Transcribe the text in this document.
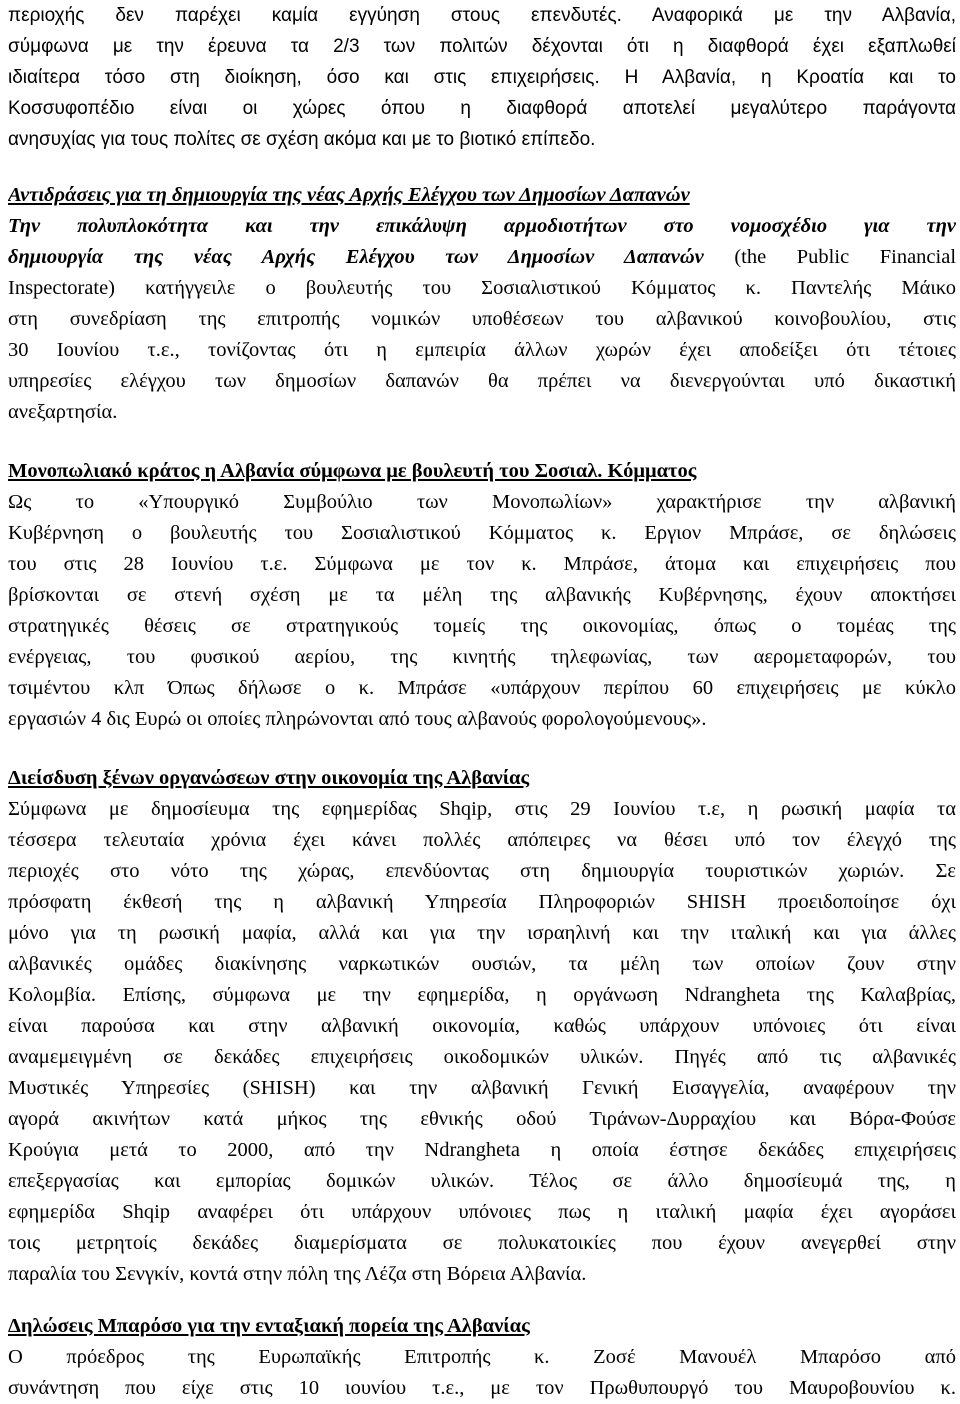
περιοχής δεν παρέχει καμία εγγύηση στους επενδυτές. Αναφορικά με την Αλβανία,
σύμφωνα με την έρευνα τα 2/3 των πολιτών δέχονται ότι η διαφθορά έχει εξαπλωθεί
ιδιαίτερα τόσο στη διοίκηση, όσο και στις επιχειρήσεις. Η Αλβανία, η Κροατία και το
Κοσσυφοπέδιο είναι οι χώρες όπου η διαφθορά αποτελεί μεγαλύτερο παράγοντα
ανησυχίας για τους πολίτες σε σχέση ακόμα και με το βιοτικό επίπεδο.
Αντιδράσεις για τη δημιουργία της νέας Αρχής Ελέγχου των Δημοσίων Δαπανών
Την πολυπλοκότητα και την επικάλυψη αρμοδιοτήτων στο νομοσχέδιο για την
δημιουργία της νέας Αρχής Ελέγχου των Δημοσίων Δαπανών (the Public Financial
Inspectorate) κατήγγειλε ο βουλευτής του Σοσιαλιστικού Κόμματος κ. Παντελής Μάικο
στη συνεδρίαση της επιτροπής νομικών υποθέσεων του αλβανικού κοινοβουλίου, στις
30 Ιουνίου τ.ε., τονίζοντας ότι η εμπειρία άλλων χωρών έχει αποδείξει ότι τέτοιες
υπηρεσίες ελέγχου των δημοσίων δαπανών θα πρέπει να διενεργούνται υπό δικαστική
ανεξαρτησία.
Μονοπωλιακό κράτος η Αλβανία σύμφωνα με βουλευτή του Σοσιαλ. Κόμματος
Ως το «Υπουργικό Συμβούλιο των Μονοπωλίων» χαρακτήρισε την αλβανική
Κυβέρνηση ο βουλευτής του Σοσιαλιστικού Κόμματος κ. Εργιον Μπράσε, σε δηλώσεις
του στις 28 Ιουνίου τ.ε. Σύμφωνα με τον κ. Μπράσε, άτομα και επιχειρήσεις που
βρίσκονται σε στενή σχέση με τα μέλη της αλβανικής Κυβέρνησης, έχουν αποκτήσει
στρατηγικές θέσεις σε στρατηγικούς τομείς της οικονομίας, όπως ο τομέας της
ενέργειας, του φυσικού αερίου, της κινητής τηλεφωνίας, των αερομεταφορών, του
τσιμέντου κλπ Όπως δήλωσε ο κ. Μπράσε «υπάρχουν περίπου 60 επιχειρήσεις με κύκλο
εργασιών 4 δις Ευρώ οι οποίες πληρώνονται από τους αλβανούς φορολογούμενους».
Διείσδυση ξένων οργανώσεων στην οικονομία της Αλβανίας
Σύμφωνα με δημοσίευμα της εφημερίδας Shqip, στις 29 Ιουνίου τ.ε, η ρωσική μαφία τα
τέσσερα τελευταία χρόνια έχει κάνει πολλές απόπειρες να θέσει υπό τον έλεγχό της
περιοχές στο νότο της χώρας, επενδύοντας στη δημιουργία τουριστικών χωριών. Σε
πρόσφατη έκθεσή της η αλβανική Υπηρεσία Πληροφοριών SHISH προειδοποίησε όχι
μόνο για τη ρωσική μαφία, αλλά και για την ισραηλινή και την ιταλική και για άλλες
αλβανικές ομάδες διακίνησης ναρκωτικών ουσιών, τα μέλη των οποίων ζουν στην
Κολομβία. Επίσης, σύμφωνα με την εφημερίδα, η οργάνωση Ndrangheta της Καλαβρίας,
είναι παρούσα και στην αλβανική οικονομία, καθώς υπάρχουν υπόνοιες ότι είναι
αναμεμειγμένη σε δεκάδες επιχειρήσεις οικοδομικών υλικών. Πηγές από τις αλβανικές
Μυστικές Υπηρεσίες (SHISH) και την αλβανική Γενική Εισαγγελία, αναφέρουν την
αγορά ακινήτων κατά μήκος της εθνικής οδού Τιράνων-Δυρραχίου και Βόρα-Φούσε
Κρούγια μετά το 2000, από την Ndrangheta η οποία έστησε δεκάδες επιχειρήσεις
επεξεργασίας και εμπορίας δομικών υλικών. Τέλος σε άλλο δημοσίευμά της, η
εφημερίδα Shqip αναφέρει ότι υπάρχουν υπόνοιες πως η ιταλική μαφία έχει αγοράσει
τοις μετρητοίς δεκάδες διαμερίσματα σε πολυκατοικίες που έχουν ανεγερθεί στην
παραλία του Σενγκίν, κοντά στην πόλη της Λέζα στη Βόρεια Αλβανία.
Δηλώσεις Μπαρόσο για την ενταξιακή πορεία της Αλβανίας
Ο πρόεδρος της Ευρωπαϊκής Επιτροπής κ. Ζοσέ Μανουέλ Μπαρόσο από
συνάντηση που είχε στις 10 ιουνίου τ.ε., με τον Πρωθυπουργό του Μαυροβουνίου κ.
